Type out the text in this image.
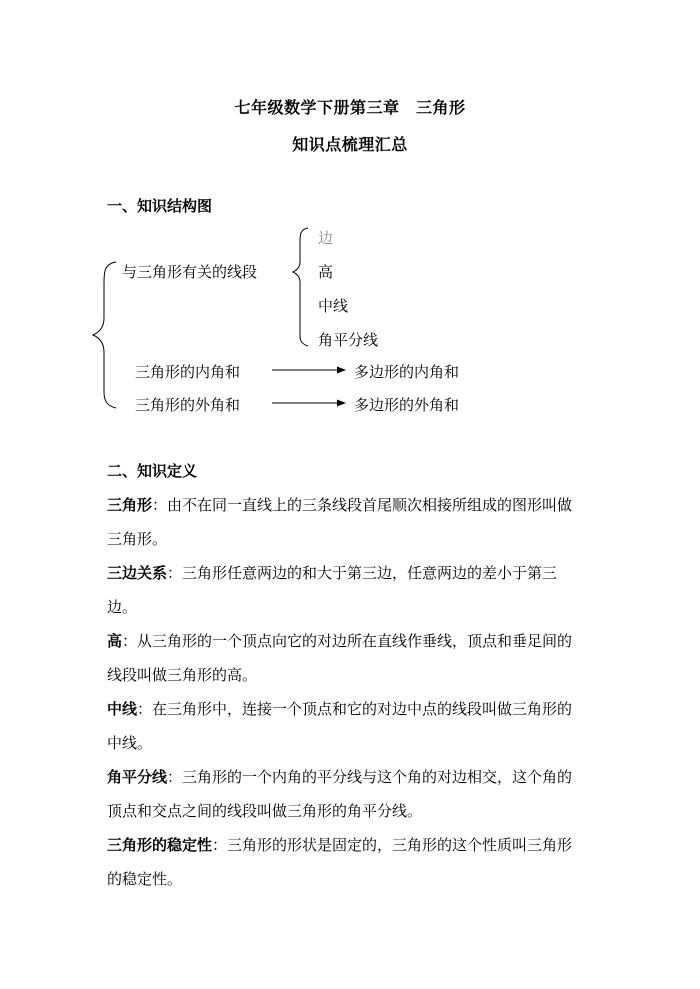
七年级数学下册第三章　三角形
知识点梳理汇总
一、知识结构图
与三角形有关的线段
边
高
中线
角平分线
三角形的内角和	多边形的内角和
三角形的外角和	多边形的外角和
二、知识定义
三角形：由不在同一直线上的三条线段首尾顺次相接所组成的图形叫做三角形。
三边关系：三角形任意两边的和大于第三边，任意两边的差小于第三边。
高：从三角形的一个顶点向它的对边所在直线作垂线，顶点和垂足间的线段叫做三角形的高。
中线：在三角形中，连接一个顶点和它的对边中点的线段叫做三角形的中线。
角平分线：三角形的一个内角的平分线与这个角的对边相交，这个角的顶点和交点之间的线段叫做三角形的角平分线。
三角形的稳定性：三角形的形状是固定的，三角形的这个性质叫三角形的稳定性。
